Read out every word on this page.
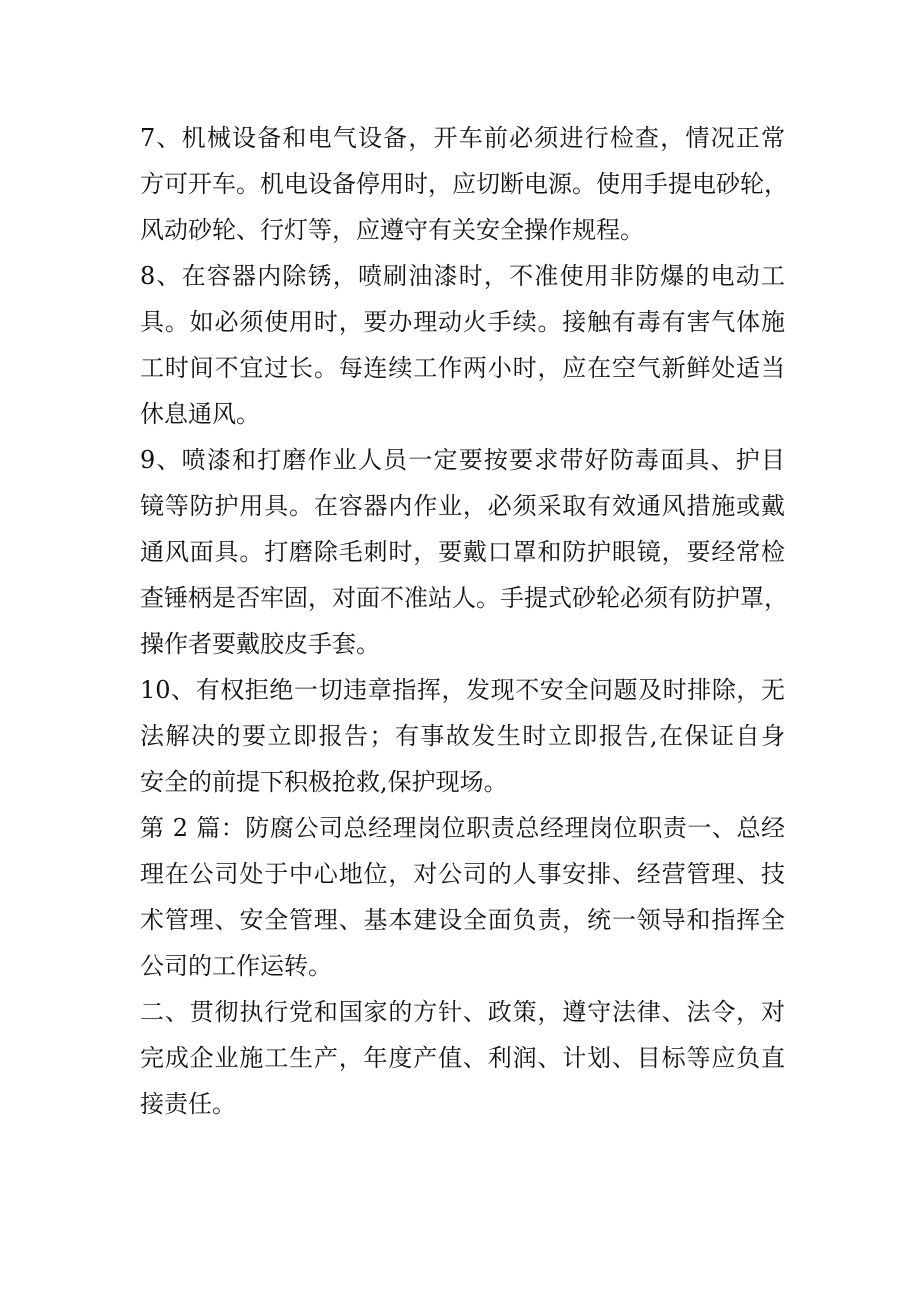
7、机械设备和电气设备，开车前必须进行检查，情况正常
方可开车。机电设备停用时，应切断电源。使用手提电砂轮，
风动砂轮、行灯等，应遵守有关安全操作规程。
8、在容器内除锈，喷刷油漆时，不准使用非防爆的电动工
具。如必须使用时，要办理动火手续。接触有毒有害气体施
工时间不宜过长。每连续工作两小时，应在空气新鲜处适当
休息通风。
9、喷漆和打磨作业人员一定要按要求带好防毒面具、护目
镜等防护用具。在容器内作业，必须采取有效通风措施或戴
通风面具。打磨除毛刺时，要戴口罩和防护眼镜，要经常检
查锤柄是否牢固，对面不准站人。手提式砂轮必须有防护罩，
操作者要戴胶皮手套。
10、有权拒绝一切违章指挥，发现不安全问题及时排除，无
法解决的要立即报告；有事故发生时立即报告,在保证自身
安全的前提下积极抢救,保护现场。
第 2 篇：防腐公司总经理岗位职责总经理岗位职责一、总经
理在公司处于中心地位，对公司的人事安排、经营管理、技
术管理、安全管理、基本建设全面负责，统一领导和指挥全
公司的工作运转。
二、贯彻执行党和国家的方针、政策，遵守法律、法令，对
完成企业施工生产，年度产值、利润、计划、目标等应负直
接责任。
